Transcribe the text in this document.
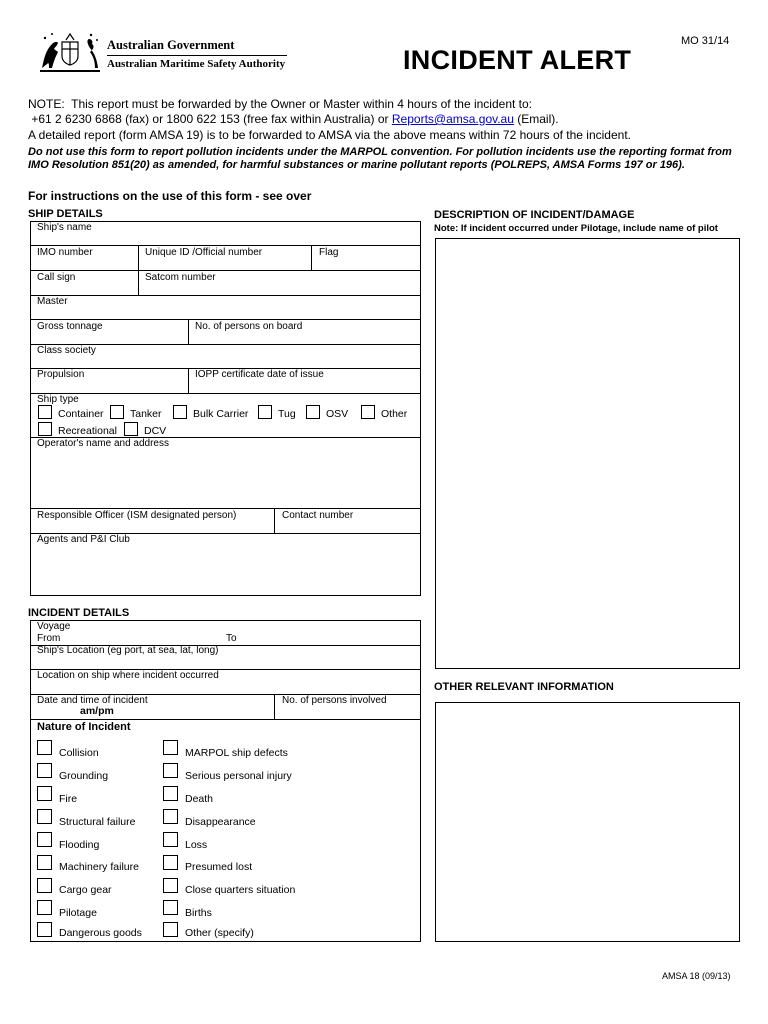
Australian Government
Australian Maritime Safety Authority
MO 31/14
INCIDENT ALERT
NOTE:  This report must be forwarded by the Owner or Master within 4 hours of the incident to:
+61 2 6230 6868 (fax) or 1800 622 153 (free fax within Australia) or Reports@amsa.gov.au (Email).
A detailed report (form AMSA 19) is to be forwarded to AMSA via the above means within 72 hours of the incident.
Do not use this form to report pollution incidents under the MARPOL convention. For pollution incidents use the reporting format from IMO Resolution 851(20) as amended, for harmful substances or marine pollutant reports (POLREPS, AMSA Forms 197 or 196).
For instructions on the use of this form - see over
SHIP DETAILS
Ship's name
IMO number	Unique ID /Official number	Flag
Call sign	Satcom number
Master
Gross tonnage	No. of persons on board
Class society
Propulsion	IOPP certificate date of issue
Ship type
Container	Tanker	Bulk Carrier	Tug	OSV	Other
Recreational	DCV
Operator's name and address
Responsible Officer (ISM designated person)	Contact number
Agents and P&I Club
INCIDENT DETAILS
Voyage
From	To
Ship's Location (eg port, at sea, lat, long)
Location on ship where incident occurred
Date and time of incident
am/pm
No. of persons involved
Nature of Incident
Collision
Grounding
Fire
Structural failure
Flooding
Machinery failure
Cargo gear
Pilotage
Dangerous goods
MARPOL ship defects
Serious personal injury
Death
Disappearance
Loss
Presumed lost
Close quarters situation
Births
Other (specify)
DESCRIPTION OF INCIDENT/DAMAGE
Note: If incident occurred under Pilotage, include name of pilot
OTHER RELEVANT INFORMATION
AMSA 18 (09/13)
